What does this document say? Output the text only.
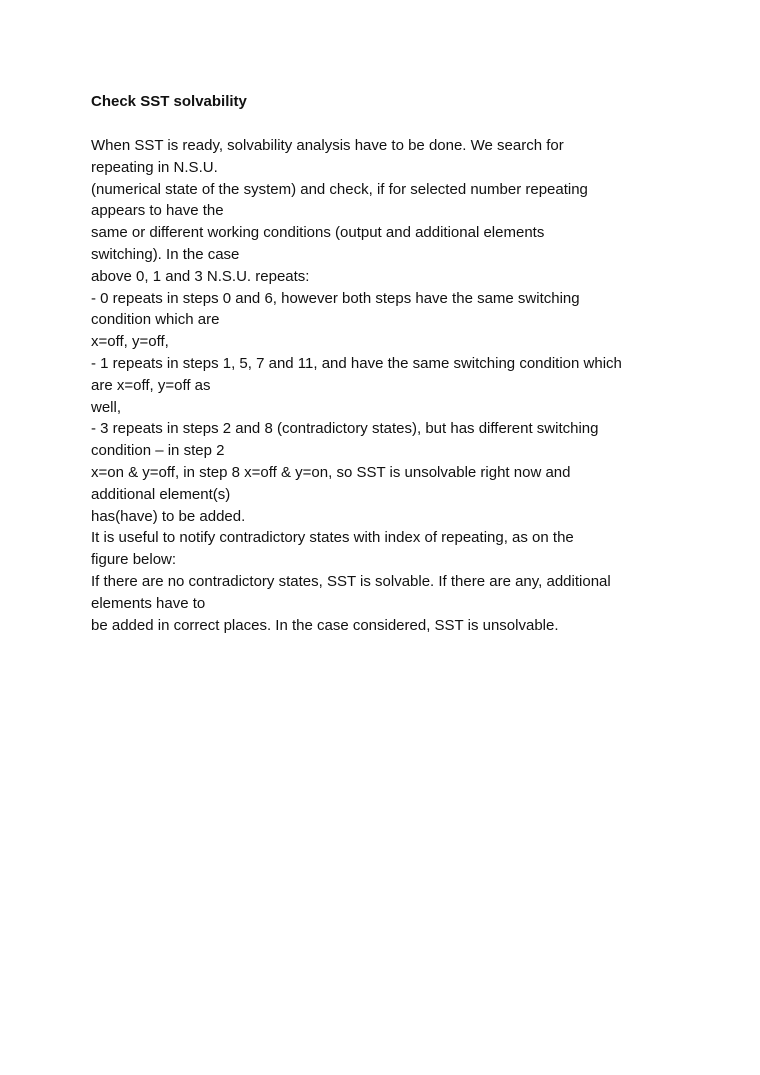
Check SST solvability
When SST is ready, solvability analysis have to be done. We search for
repeating in N.S.U.
(numerical state of the system) and check, if for selected number repeating
appears to have the
same or different working conditions (output and additional elements
switching). In the case
above 0, 1 and 3 N.S.U. repeats:
- 0 repeats in steps 0 and 6, however both steps have the same switching
condition which are
x=off, y=off,
- 1 repeats in steps 1, 5, 7 and 11, and have the same switching condition which
are x=off, y=off as
well,
- 3 repeats in steps 2 and 8 (contradictory states), but has different switching
condition – in step 2
x=on & y=off, in step 8 x=off & y=on, so SST is unsolvable right now and
additional element(s)
has(have) to be added.
It is useful to notify contradictory states with index of repeating, as on the
figure below:
If there are no contradictory states, SST is solvable. If there are any, additional
elements have to
be added in correct places. In the case considered, SST is unsolvable.
